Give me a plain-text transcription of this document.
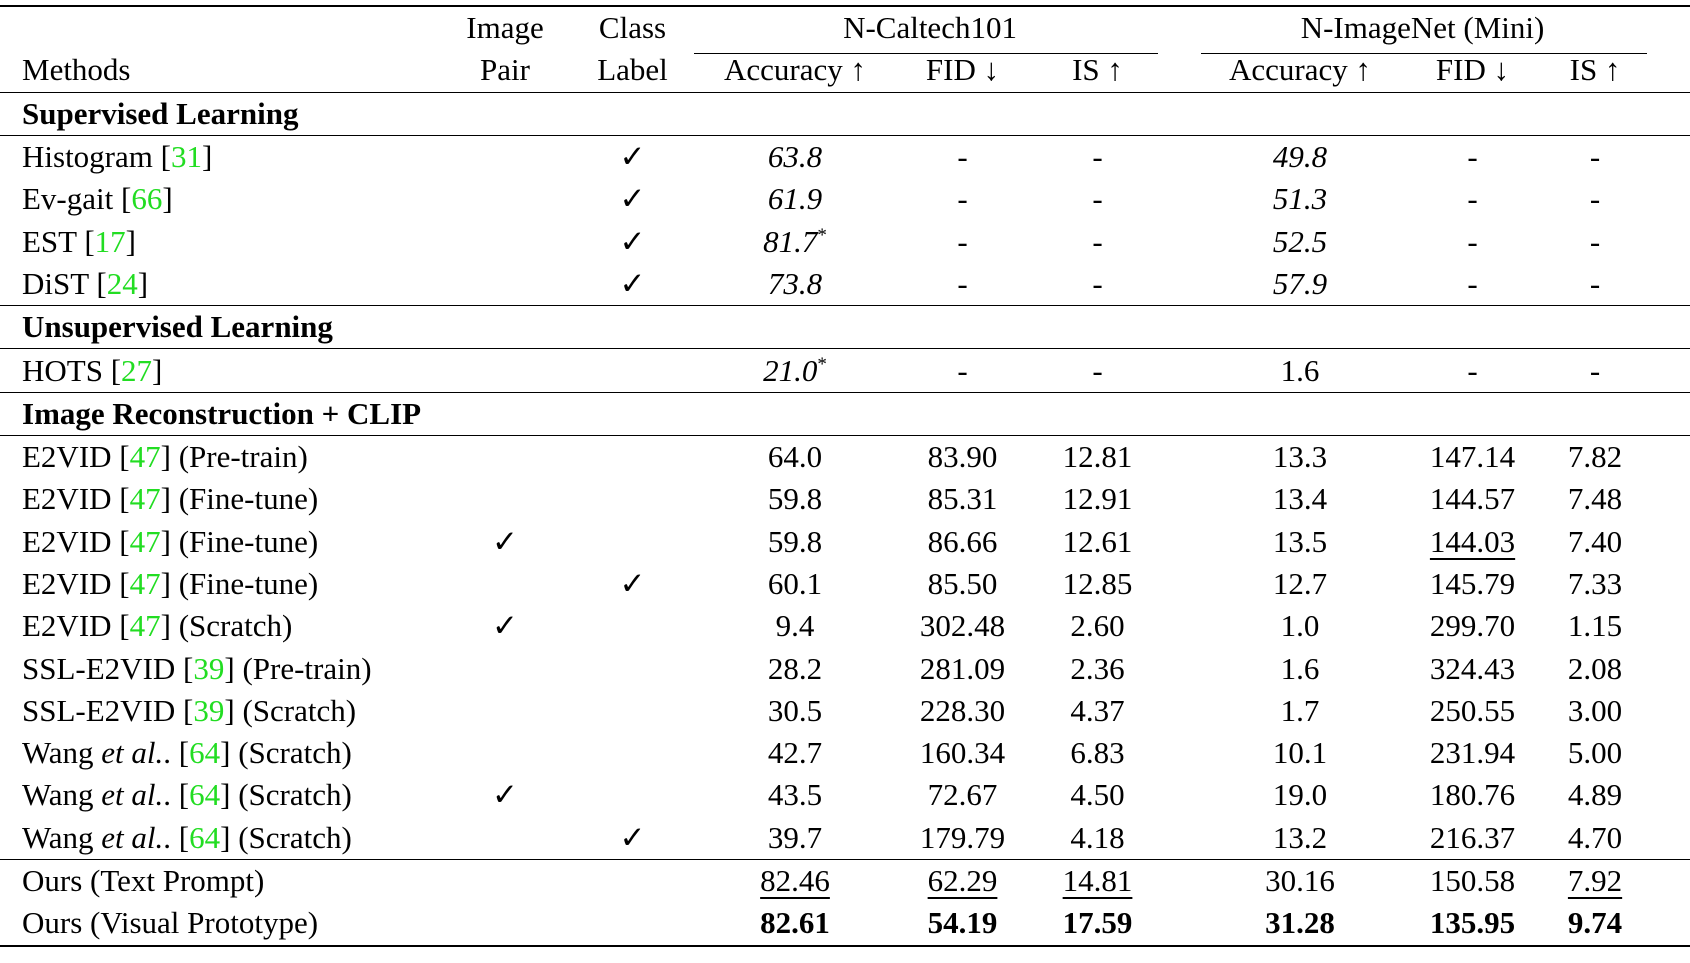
	Image	Class	N-Caltech101				N-ImageNet (Mini)			
Methods	Pair	Label	Accuracy ↑	FID ↓	IS ↑		Accuracy ↑	FID ↓	IS ↑	
Supervised Learning										
Histogram [31]		✓	63.8	-	-		49.8	-	-	
Ev-gait [66]		✓	61.9	-	-		51.3	-	-	
EST [17]		✓	81.7*	-	-		52.5	-	-	
DiST [24]		✓	73.8	-	-		57.9	-	-	
Unsupervised Learning										
HOTS [27]			21.0*	-	-		1.6	-	-	
Image Reconstruction + CLIP										
E2VID [47] (Pre-train)			64.0	83.90	12.81		13.3	147.14	7.82	
E2VID [47] (Fine-tune)			59.8	85.31	12.91		13.4	144.57	7.48	
E2VID [47] (Fine-tune)	✓		59.8	86.66	12.61		13.5	144.03	7.40	
E2VID [47] (Fine-tune)		✓	60.1	85.50	12.85		12.7	145.79	7.33	
E2VID [47] (Scratch)	✓		9.4	302.48	2.60		1.0	299.70	1.15	
SSL-E2VID [39] (Pre-train)			28.2	281.09	2.36		1.6	324.43	2.08	
SSL-E2VID [39] (Scratch)			30.5	228.30	4.37		1.7	250.55	3.00	
Wang et al.. [64] (Scratch)			42.7	160.34	6.83		10.1	231.94	5.00	
Wang et al.. [64] (Scratch)	✓		43.5	72.67	4.50		19.0	180.76	4.89	
Wang et al.. [64] (Scratch)		✓	39.7	179.79	4.18		13.2	216.37	4.70	
Ours (Text Prompt)			82.46	62.29	14.81		30.16	150.58	7.92	
Ours (Visual Prototype)			82.61	54.19	17.59		31.28	135.95	9.74	
